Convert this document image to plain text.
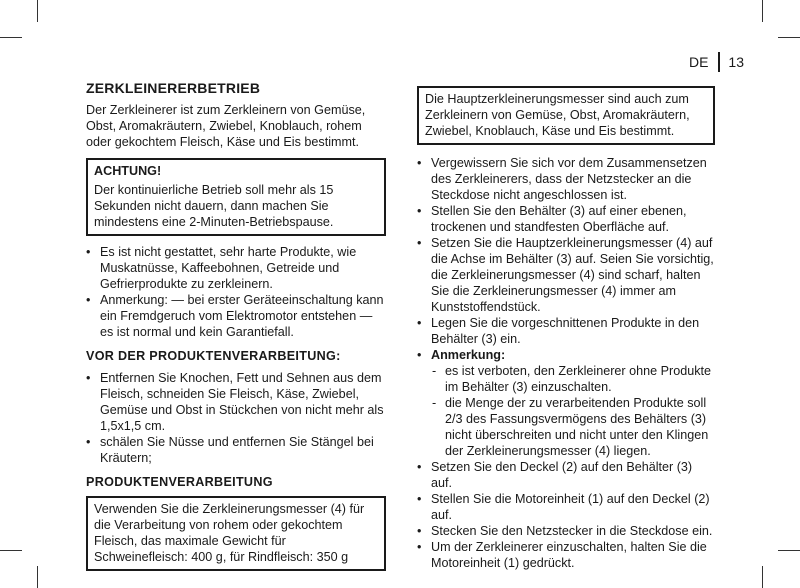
DE 13
ZERKLEINERERBETRIEB

Der Zerkleinerer ist zum Zerkleinern von Gemüse, Obst, Aromakräutern, Zwiebel, Knoblauch, rohem oder gekochtem Fleisch, Käse und Eis bestimmt.

ACHTUNG!
Der kontinuierliche Betrieb soll mehr als 15 Sekunden nicht dauern, dann machen Sie mindestens eine 2-Minuten-Betriebspause.
• Es ist nicht gestattet, sehr harte Produkte, wie Muskatnüsse, Kaffeebohnen, Getreide und Gefrierprodukte zu zerkleinern.
• Anmerkung: — bei erster Geräteeinschaltung kann ein Fremdgeruch vom Elektromotor entstehen — es ist normal und kein Garantiefall.
VOR DER PRODUKTENVERARBEITUNG:
• Entfernen Sie Knochen, Fett und Sehnen aus dem Fleisch, schneiden Sie Fleisch, Käse, Zwiebel, Gemüse und Obst in Stückchen von nicht mehr als 1,5x1,5 cm.
• schälen Sie Nüsse und entfernen Sie Stängel bei Kräutern;
PRODUKTENVERARBEITUNG
Verwenden Sie die Zerkleinerungsmesser (4) für die Verarbeitung von rohem oder gekochtem Fleisch, das maximale Gewicht für Schweinefleisch: 400 g, für Rindfleisch: 350 g
Die Hauptzerkleinerungsmesser sind auch zum Zerkleinern von Gemüse, Obst, Aromakräutern, Zwiebel, Knoblauch, Käse und Eis bestimmt.
• Vergewissern Sie sich vor dem Zusammensetzen des Zerkleinerers, dass der Netzstecker an die Steckdose nicht angeschlossen ist.
• Stellen Sie den Behälter (3) auf einer ebenen, trockenen und standfesten Oberfläche auf.
• Setzen Sie die Hauptzerkleinerungsmesser (4) auf die Achse im Behälter (3) auf. Seien Sie vorsichtig, die Zerkleinerungsmesser (4) sind scharf, halten Sie die Zerkleinerungsmesser (4) immer am Kunststoffendstück.
• Legen Sie die vorgeschnittenen Produkte in den Behälter (3) ein.
• Anmerkung:
- es ist verboten, den Zerkleinerer ohne Produkte im Behälter (3) einzuschalten.
- die Menge der zu verarbeitenden Produkte soll 2/3 des Fassungsvermögens des Behälters (3) nicht überschreiten und nicht unter den Klingen der Zerkleinerungsmesser (4) liegen.
• Setzen Sie den Deckel (2) auf den Behälter (3) auf.
• Stellen Sie die Motoreinheit (1) auf den Deckel (2) auf.
• Stecken Sie den Netzstecker in die Steckdose ein.
• Um der Zerkleinerer einzuschalten, halten Sie die Motoreinheit (1) gedrückt.
